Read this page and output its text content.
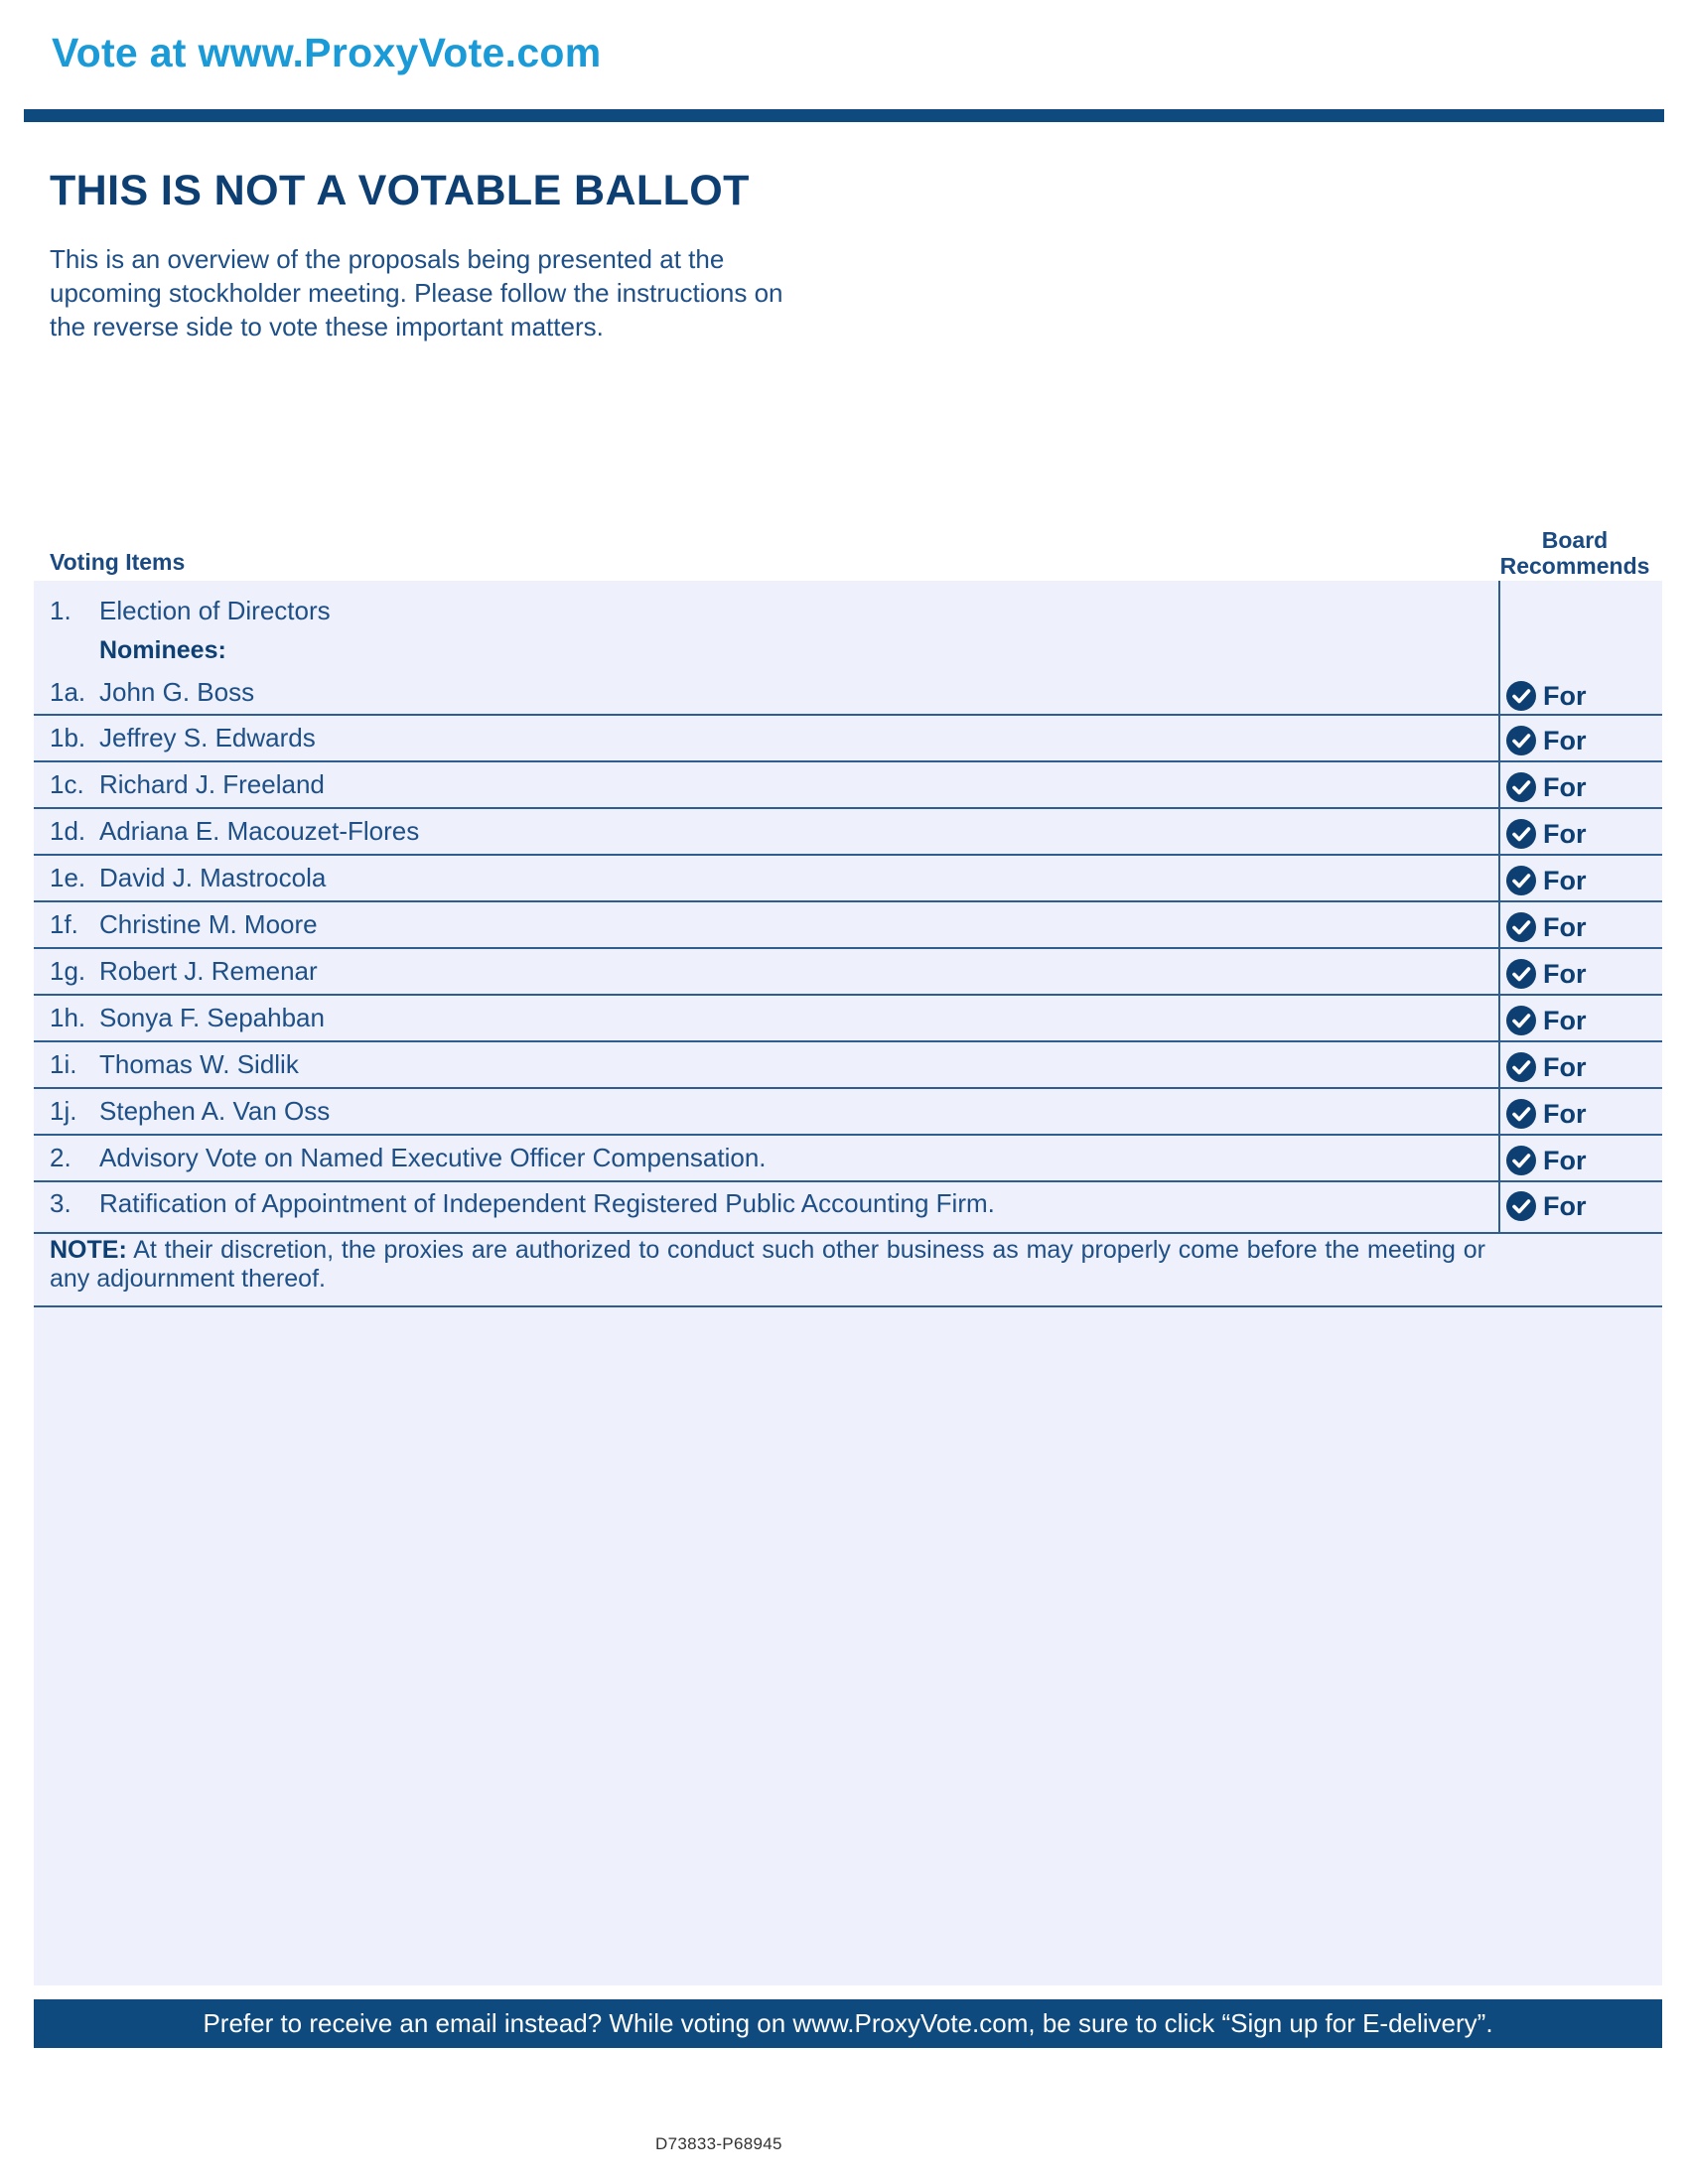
Vote at www.ProxyVote.com
THIS IS NOT A VOTABLE BALLOT
This is an overview of the proposals being presented at the
upcoming stockholder meeting. Please follow the instructions on
the reverse side to vote these important matters.
Voting Items
Board
Recommends
1. Election of Directors
Nominees:
1a. John G. Boss	For
1b. Jeffrey S. Edwards	For
1c. Richard J. Freeland	For
1d. Adriana E. Macouzet-Flores	For
1e. David J. Mastrocola	For
1f. Christine M. Moore	For
1g. Robert J. Remenar	For
1h. Sonya F. Sepahban	For
1i. Thomas W. Sidlik	For
1j. Stephen A. Van Oss	For
2. Advisory Vote on Named Executive Officer Compensation.	For
3. Ratification of Appointment of Independent Registered Public Accounting Firm.	For
NOTE: At their discretion, the proxies are authorized to conduct such other business as may properly come before the meeting or any adjournment thereof.
Prefer to receive an email instead? While voting on www.ProxyVote.com, be sure to click “Sign up for E-delivery”.
D73833-P68945
